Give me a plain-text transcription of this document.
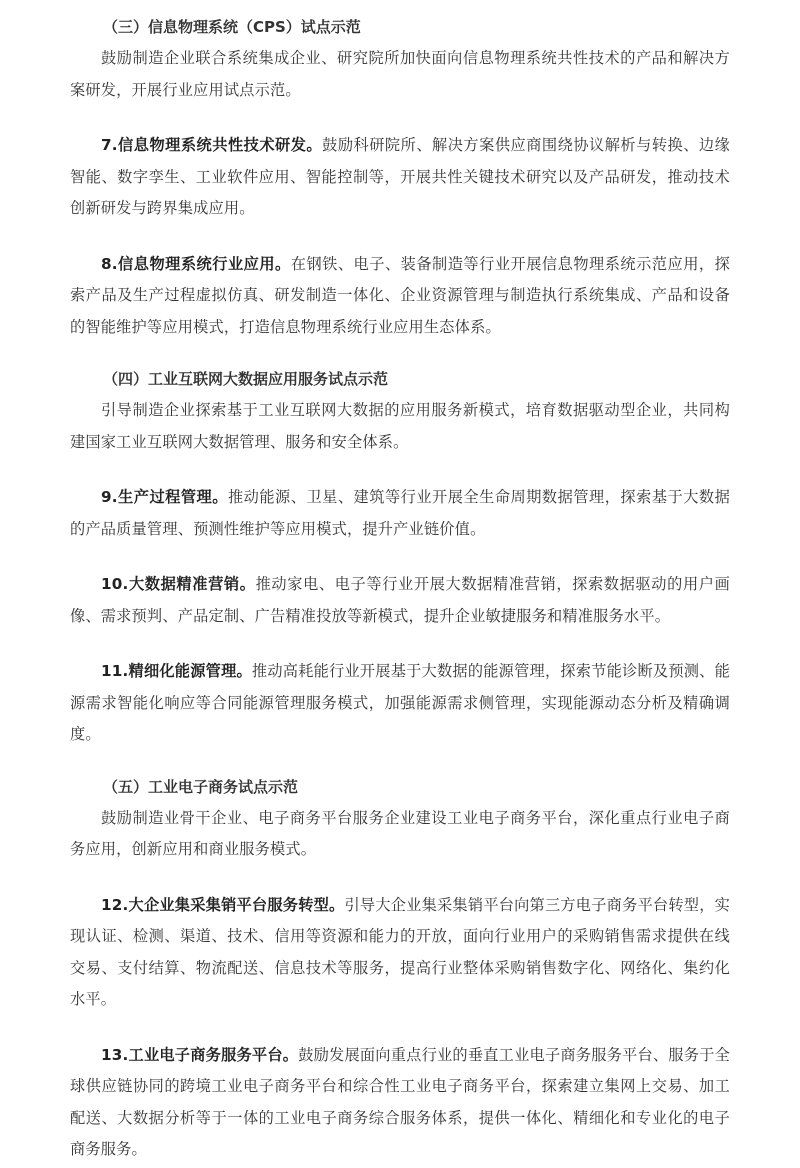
（三）信息物理系统（CPS）试点示范

鼓励制造企业联合系统集成企业、研究院所加快面向信息物理系统共性技术的产品和解决方案研发，开展行业应用试点示范。

7.信息物理系统共性技术研发。鼓励科研院所、解决方案供应商围绕协议解析与转换、边缘智能、数字孪生、工业软件应用、智能控制等，开展共性关键技术研究以及产品研发，推动技术创新研发与跨界集成应用。

8.信息物理系统行业应用。在钢铁、电子、装备制造等行业开展信息物理系统示范应用，探索产品及生产过程虚拟仿真、研发制造一体化、企业资源管理与制造执行系统集成、产品和设备的智能维护等应用模式，打造信息物理系统行业应用生态体系。

（四）工业互联网大数据应用服务试点示范

引导制造企业探索基于工业互联网大数据的应用服务新模式，培育数据驱动型企业，共同构建国家工业互联网大数据管理、服务和安全体系。

9.生产过程管理。推动能源、卫星、建筑等行业开展全生命周期数据管理，探索基于大数据的产品质量管理、预测性维护等应用模式，提升产业链价值。

10.大数据精准营销。推动家电、电子等行业开展大数据精准营销，探索数据驱动的用户画像、需求预判、产品定制、广告精准投放等新模式，提升企业敏捷服务和精准服务水平。

11.精细化能源管理。推动高耗能行业开展基于大数据的能源管理，探索节能诊断及预测、能源需求智能化响应等合同能源管理服务模式，加强能源需求侧管理，实现能源动态分析及精确调度。

（五）工业电子商务试点示范

鼓励制造业骨干企业、电子商务平台服务企业建设工业电子商务平台，深化重点行业电子商务应用，创新应用和商业服务模式。

12.大企业集采集销平台服务转型。引导大企业集采集销平台向第三方电子商务平台转型，实现认证、检测、渠道、技术、信用等资源和能力的开放，面向行业用户的采购销售需求提供在线交易、支付结算、物流配送、信息技术等服务，提高行业整体采购销售数字化、网络化、集约化水平。

13.工业电子商务服务平台。鼓励发展面向重点行业的垂直工业电子商务服务平台、服务于全球供应链协同的跨境工业电子商务平台和综合性工业电子商务平台，探索建立集网上交易、加工配送、大数据分析等于一体的工业电子商务综合服务体系，提供一体化、精细化和专业化的电子商务服务。
